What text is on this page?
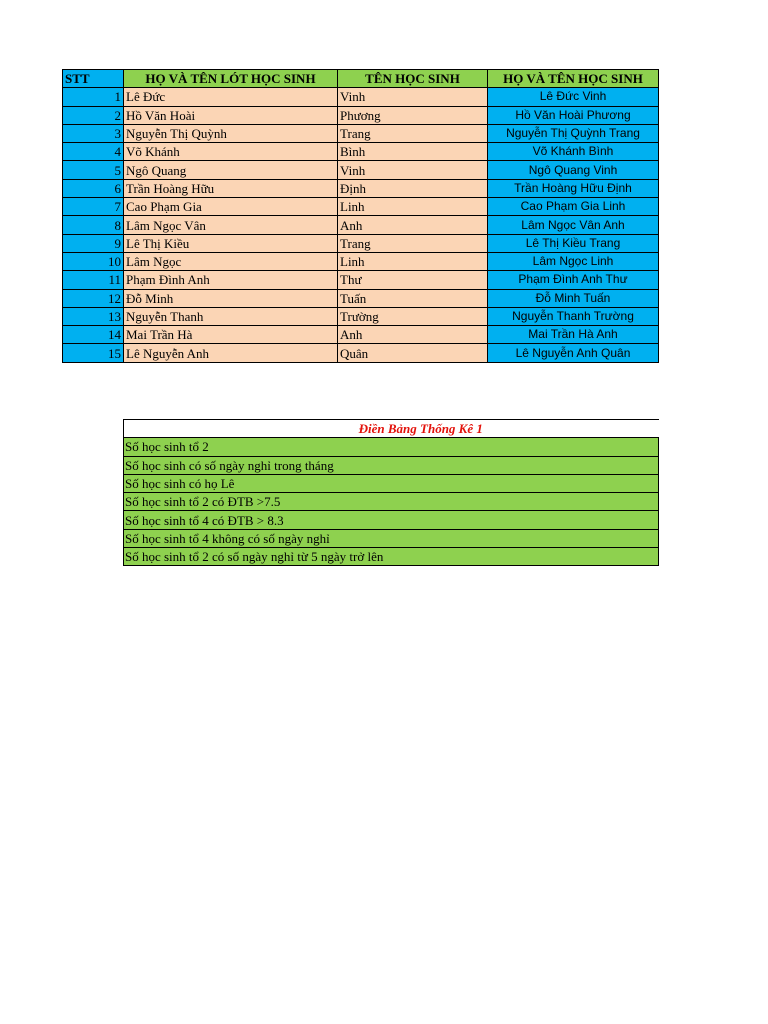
STT	HỌ VÀ TÊN LÓT HỌC SINH	TÊN HỌC SINH	HỌ VÀ TÊN HỌC SINH
1	Lê Đức	Vinh	Lê Đức Vinh
2	Hồ Văn Hoài	Phương	Hồ Văn Hoài Phương
3	Nguyễn Thị Quỳnh	Trang	Nguyễn Thị Quỳnh Trang
4	Võ Khánh	Bình	Võ Khánh Bình
5	Ngô Quang	Vinh	Ngô Quang Vinh
6	Trần Hoàng Hữu	Định	Trần Hoàng Hữu Định
7	Cao Phạm Gia	Linh	Cao Phạm Gia Linh
8	Lâm Ngọc Vân	Anh	Lâm Ngọc Vân Anh
9	Lê Thị Kiều	Trang	Lê Thị Kiều Trang
10	Lâm Ngọc	Linh	Lâm Ngọc Linh
11	Phạm Đình Anh	Thư	Phạm Đình Anh Thư
12	Đỗ Minh	Tuấn	Đỗ Minh Tuấn
13	Nguyễn Thanh	Trường	Nguyễn Thanh Trường
14	Mai Trần Hà	Anh	Mai Trần Hà Anh
15	Lê Nguyễn Anh	Quân	Lê Nguyễn Anh Quân
Điền Bảng Thống Kê 1
Số học sinh tổ 2
Số học sinh có số ngày nghỉ trong tháng
Số học sinh có họ Lê
Số học sinh tổ 2 có ĐTB >7.5
Số học sinh tổ 4 có ĐTB > 8.3
Số học sinh tổ 4 không có số ngày nghỉ
Số học sinh tổ 2 có số ngày nghỉ từ 5 ngày trở lên
